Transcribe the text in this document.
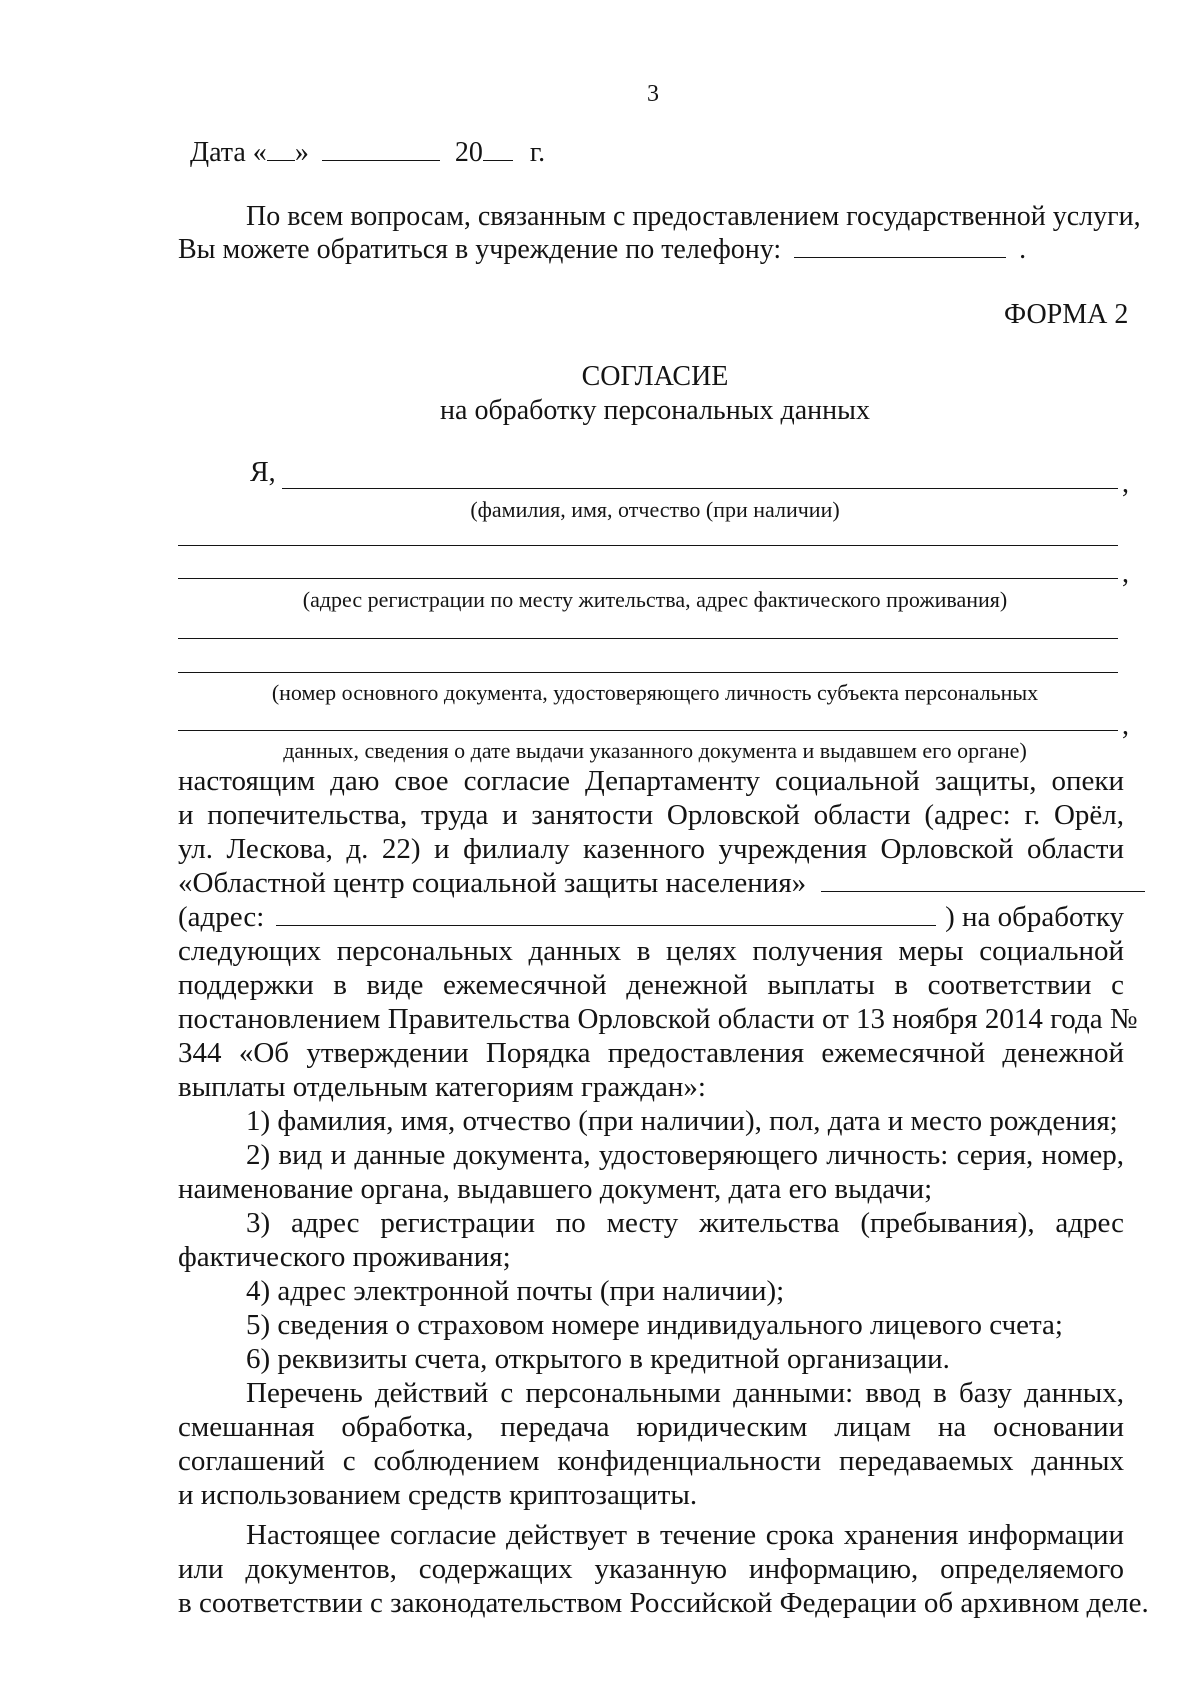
3
Дата « »	20 г.
По всем вопросам, связанным с предоставлением государственной услуги,
Вы можете обратиться в учреждение по телефону:	.
ФОРМА 2
СОГЛАСИЕ
на обработку персональных данных
Я,	,
(фамилия, имя, отчество (при наличии)
,
(адрес регистрации по месту жительства, адрес фактического проживания)
(номер основного документа, удостоверяющего личность субъекта персональных
,
данных, сведения о дате выдачи указанного документа и выдавшем его органе)
настоящим даю свое согласие Департаменту социальной защиты, опеки
и попечительства, труда и занятости Орловской области (адрес: г. Орёл,
ул. Лескова, д. 22) и филиалу казенного учреждения Орловской области
«Областной центр социальной защиты населения»
(адрес:	) на обработку
следующих персональных данных в целях получения меры социальной
поддержки в виде ежемесячной денежной выплаты в соответствии с
постановлением Правительства Орловской области от 13 ноября 2014 года №
344 «Об утверждении Порядка предоставления ежемесячной денежной
выплаты отдельным категориям граждан»:
1) фамилия, имя, отчество (при наличии), пол, дата и место рождения;
2) вид и данные документа, удостоверяющего личность: серия, номер,
наименование органа, выдавшего документ, дата его выдачи;
3) адрес регистрации по месту жительства (пребывания), адрес
фактического проживания;
4) адрес электронной почты (при наличии);
5) сведения о страховом номере индивидуального лицевого счета;
6) реквизиты счета, открытого в кредитной организации.
Перечень действий с персональными данными: ввод в базу данных,
смешанная обработка, передача юридическим лицам на основании
соглашений с соблюдением конфиденциальности передаваемых данных
и использованием средств криптозащиты.
Настоящее согласие действует в течение срока хранения информации
или документов, содержащих указанную информацию, определяемого
в соответствии с законодательством Российской Федерации об архивном деле.
